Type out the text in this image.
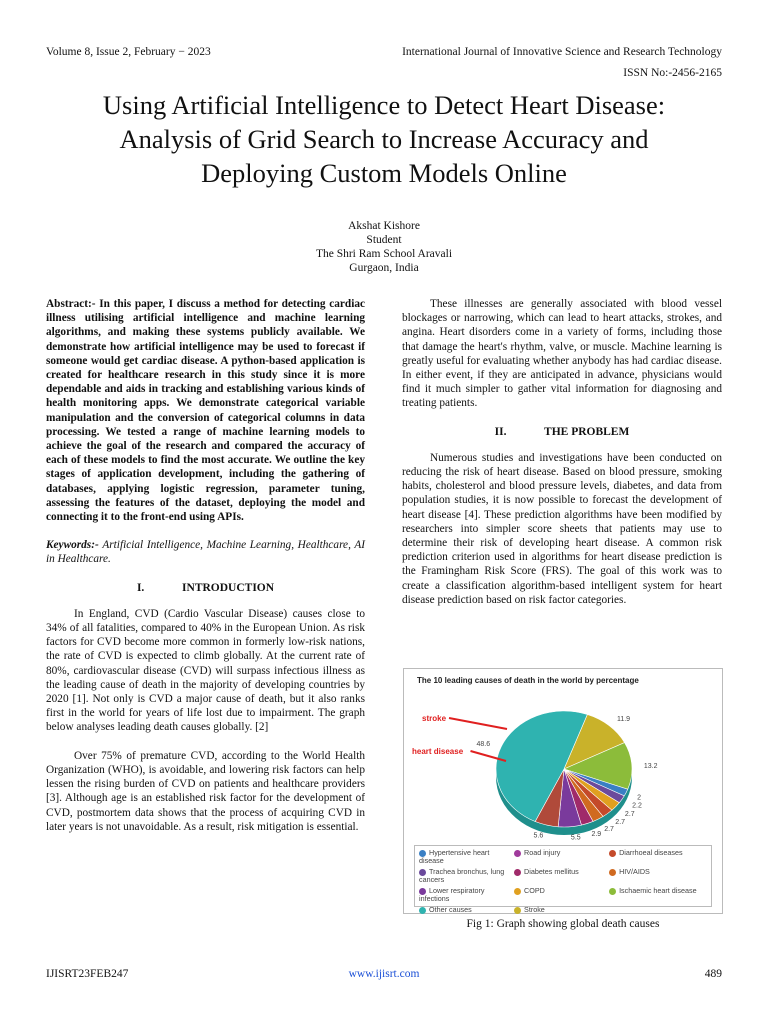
Volume 8, Issue 2, February − 2023	International Journal of Innovative Science and Research Technology
ISSN No:-2456-2165
Using Artificial Intelligence to Detect Heart Disease:
Analysis of Grid Search to Increase Accuracy and
Deploying Custom Models Online
Akshat Kishore
Student
The Shri Ram School Aravali
Gurgaon, India

Abstract:- In this paper, I discuss a method for detecting cardiac illness utilising artificial intelligence and machine learning algorithms, and making these systems publicly available. We demonstrate how artificial intelligence may be used to forecast if someone would get cardiac disease. A python-based application is created for healthcare research in this study since it is more dependable and aids in tracking and establishing various kinds of health monitoring apps. We demonstrate categorical variable manipulation and the conversion of categorical columns in data processing. We tested a range of machine learning models to achieve the goal of the research and compared the accuracy of each of these models to find the most accurate. We outline the key stages of application development, including the gathering of databases, applying logistic regression, parameter tuning, assessing the features of the dataset, deploying the model and connecting it to the front-end using APIs.

Keywords:- Artificial Intelligence, Machine Learning, Healthcare, AI in Healthcare.

I.	INTRODUCTION

In England, CVD (Cardio Vascular Disease) causes close to 34% of all fatalities, compared to 40% in the European Union. As risk factors for CVD become more common in formerly low-risk nations, the rate of CVD is expected to climb globally. At the current rate of 80%, cardiovascular disease (CVD) will surpass infectious illness as the leading cause of death in the majority of developing countries by 2020 [1]. Not only is CVD a major cause of death, but it also ranks first in the world for years of life lost due to impairment. The graph below analyses leading death causes globally. [2]

Over 75% of premature CVD, according to the World Health Organization (WHO), is avoidable, and lowering risk factors can help lessen the rising burden of CVD on patients and healthcare providers [3]. Although age is an established risk factor for the development of CVD, postmortem data shows that the process of acquiring CVD in later years is not unavoidable. As a result, risk mitigation is essential.

These illnesses are generally associated with blood vessel blockages or narrowing, which can lead to heart attacks, strokes, and angina. Heart disorders come in a variety of forms, including those that damage the heart's rhythm, valve, or muscle. Machine learning is greatly useful for evaluating whether anybody has had cardiac disease. In either event, if they are anticipated in advance, physicians would find it much simpler to gather vital information for diagnosing and treating patients.

II.	THE PROBLEM

Numerous studies and investigations have been conducted on reducing the risk of heart disease. Based on blood pressure, smoking habits, cholesterol and blood pressure levels, diabetes, and data from population studies, it is now possible to forecast the development of heart disease [4]. These prediction algorithms have been modified by researchers into simpler score sheets that patients may use to determine their risk of developing heart disease. A common risk prediction criterion used in algorithms for heart disease prediction is the Framingham Risk Score (FRS). The goal of this work was to create a classification algorithm-based intelligent system for heart disease prediction based on risk factor categories.

The 10 leading causes of death in the world by percentage
11.9
13.2
2
2.2
2.7
2.7
2.7
2.9
5.5
5.6
48.6
stroke
heart disease
Hypertensive heart diseaseRoad injury	Diarrhoeal diseasesTrachea bronchus, lung cancersDiabetes mellitus	HIV/AIDSLower respiratory infectionsCOPD	Ischaemic heart diseaseOther causes	Stroke
Fig 1: Graph showing global death causes
IJISRT23FEB247	www.ijisrt.com	489
